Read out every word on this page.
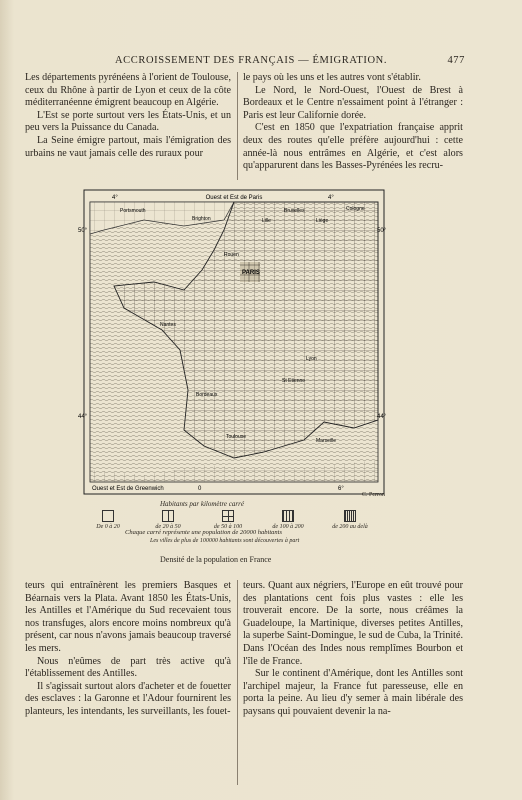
ACCROISSEMENT DES FRANÇAIS — ÉMIGRATION.	477

Les départements pyrénéens à l'orient de Toulouse, ceux du Rhône à partir de Lyon et ceux de la côte méditerranéenne émigrent beaucoup en Algérie.

L'Est se porte surtout vers les États-Unis, et un peu vers la Puissance du Canada.

La Seine émigre partout, mais l'émigration des urbains ne vaut jamais celle des ruraux pour

le pays où les uns et les autres vont s'établir.

Le Nord, le Nord-Ouest, l'Ouest de Brest à Bordeaux et le Centre n'essaiment point à l'étranger : Paris est leur Californie dorée.

C'est en 1850 que l'expatriation française apprit deux des routes qu'elle préfère aujourd'hui : cette année-là nous entrâmes en Algérie, et c'est alors qu'apparurent dans les Basses-Pyrénées les recru-

Ouest et Est de Paris
4°	4°
50°
44°
50°
44°
Ouest et Est de Greenwich	0	6°
Portsmouth
Brighton
Bruxelles
Lille	Liège
Cologne
Rouen
PARIS
Nantes
Bordeaux
Toulouse
Lyon
St Etienne
Marseille
C. Perron
Habitants par kilomètre carré
De 0 à 20	de 20 à 50	de 50 à 100	de 100 à 200	de 200 au delà
Chaque carré représente une population de 20000 habitants
Les villes de plus de 100000 habitants sont découvertes à part
Densité de la population en France

teurs qui entraînèrent les premiers Basques et Béarnais vers la Plata. Avant 1850 les États-Unis, les Antilles et l'Amérique du Sud recevaient tous nos transfuges, alors encore moins nombreux qu'à présent, car nous n'avons jamais beaucoup traversé les mers.

Nous n'eûmes de part très active qu'à l'établissement des Antilles.

Il s'agissait surtout alors d'acheter et de fouetter des esclaves : la Garonne et l'Adour fournirent les planteurs, les intendants, les surveillants, les fouet-

teurs. Quant aux négriers, l'Europe en eût trouvé pour des plantations cent fois plus vastes : elle les trouverait encore. De la sorte, nous créâmes la Guadeloupe, la Martinique, diverses petites Antilles, la superbe Saint-Domingue, le sud de Cuba, la Trinité. Dans l'Océan des Indes nous remplîmes Bourbon et l'île de France.

Sur le continent d'Amérique, dont les Antilles sont l'archipel majeur, la France fut paresseuse, elle en porta la peine. Au lieu d'y semer à main libérale des paysans qui pouvaient devenir la na-
